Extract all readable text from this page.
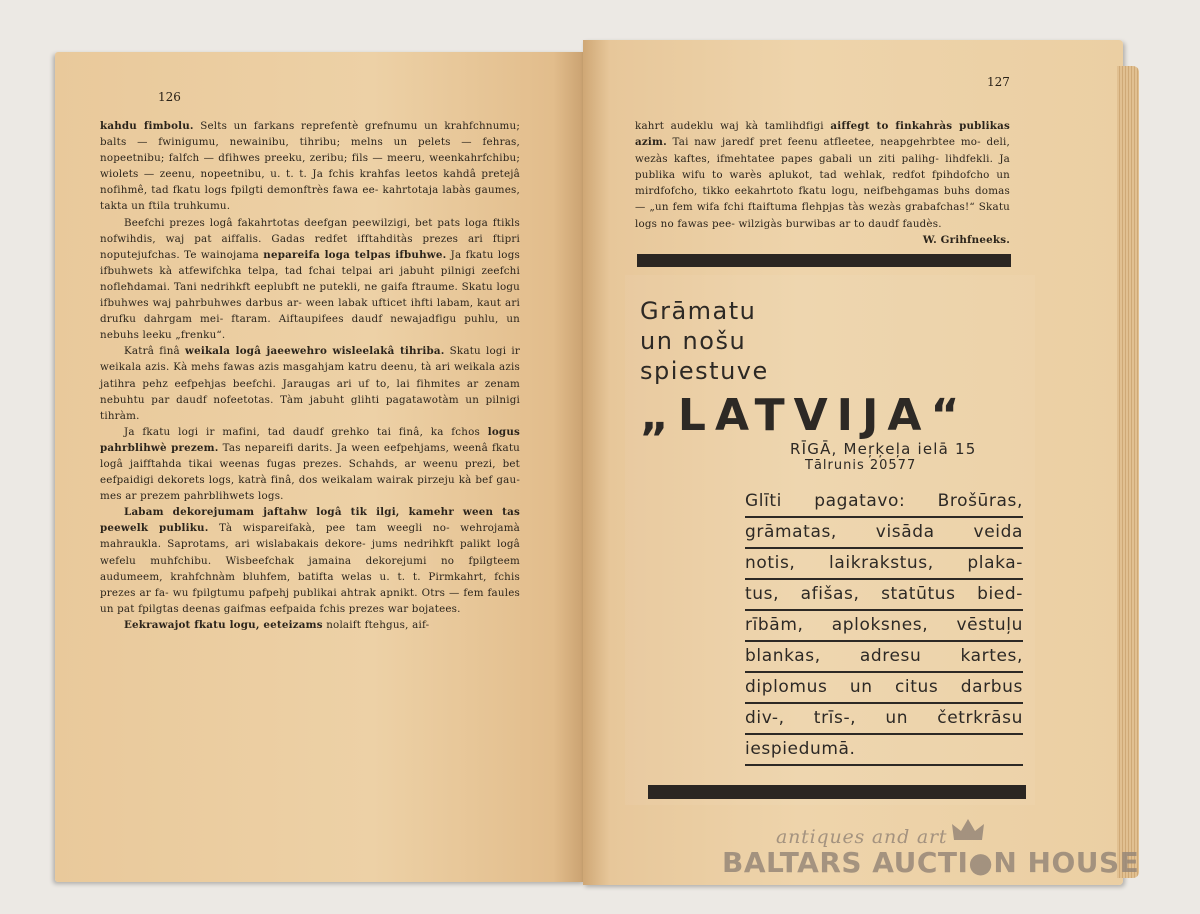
126
127

kahdu fimbolu. Selts un farkans reprefentè grefnumu un krahfchnumu; balts — fwinigumu, newainibu, tihribu; melns un pelets — fehras, nopeetnibu; falfch — dfihwes preeku, zeribu; fils — meeru, weenkahrfchibu; wiolets — zeenu, nopeetnibu, u. t. t. Ja fchis krahfas leetos kahdâ pretejâ nofihmê, tad fkatu logs fpilgti demonftrès fawa ee- kahrtotaja labàs gaumes, takta un ftila truhkumu.

Beefchi prezes logâ fakahrtotas deefgan peewilzigi, bet pats loga ftikls nofwihdis, waj pat aiffalis. Gadas redfet ifftahditàs prezes ari ftipri noputejufchas. Te wainojama nepareifa loga telpas ifbuhwe. Ja fkatu logs ifbuhwets kà atfewifchka telpa, tad fchai telpai ari jabuht pilnigi zeefchi nofleħdamai. Tani nedrihkft eeplubft ne putekli, ne gaifa ftraume. Skatu logu ifbuhwes waj pahrbuhwes darbus ar- ween labak ufticet ihfti labam, kaut ari drufku dahrgam mei- ftaram. Aiftaupifees daudf newajadfigu puhlu, un nebuhs leeku „frenku“.

Katrâ finâ weikala logâ jaeewehro wisleelakâ tihriba. Skatu logi ir weikala azis. Kà mehs fawas azis masgahjam katru deenu, tà ari weikala azis jatihra pehz eefpehjas beefchi. Jaraugas ari uf to, lai fihmites ar zenam nebuhtu par daudf nofeetotas. Tàm jabuht glihti pagatawotàm un pilnigi tihràm.

Ja fkatu logi ir mafini, tad daudf grehko tai finâ, ka fchos logus pahrblihwè prezem. Tas nepareifi darits. Ja ween eefpehjams, weenâ fkatu logâ jaifftahda tikai weenas fugas prezes. Schahds, ar weenu prezi, bet eefpaidigi dekorets logs, katrà finâ, dos weikalam wairak pirzeju kà bef gau- mes ar prezem pahrblihwets logs.

Labam dekorejumam jaftahw logâ tik ilgi, kamehr ween tas peewelk publiku. Tà wispareifakà, pee tam weegli no- wehrojamà mahraukla. Saprotams, ari wislabakais dekore- jums nedrihkft palikt logâ wefelu muhfchibu. Wisbeefchak jamaina dekorejumi no fpilgteem audumeem, krahfchnàm bluhfem, batifta welas u. t. t. Pirmkahrt, fchis prezes ar fa- wu fpilgtumu pafpehj publikai ahtrak apnikt. Otrs — fem faules un pat fpilgtas deenas gaifmas eefpaida fchis prezes war bojatees.

Eekrawajot fkatu logu, eeteizams nolaift ftehgus, aif-

kahrt audeklu waj kà tamlihdfigi aiffegt to finkahràs publikas azim. Tai naw jaredf pret feenu atfleetee, neapgehrbtee mo- deli, wezàs kaftes, ifmehtatee papes gabali un ziti palihg- lihdfekli. Ja publika wifu to warès aplukot, tad wehlak, redfot fpihdofcho un mirdfofcho, tikko eekahrtoto fkatu logu, neifbehgamas buhs domas — „un fem wifa fchi ftaiftuma flehpjas tàs wezàs grabafchas!“ Skatu logs no fawas pee- wilzigàs burwibas ar to daudf faudès.
W. Grihfneeks.
Grāmatu
un nošu
spiestuve
„LATVIJA“
RĪGĀ, Meŗķeļa ielā 15
Tālrunis 20577
Glīti pagatavo: Brošūras,
grāmatas, visāda veida
notis, laikrakstus, plaka-
tus, afišas, statūtus bied-
rībām, aploksnes, vēstuļu
blankas, adresu kartes,
diplomus un citus darbus
div-, trīs-, un četrkrāsu
iespiedumā.
antiques and art
BALTARS AUCTI●N HOUSE
